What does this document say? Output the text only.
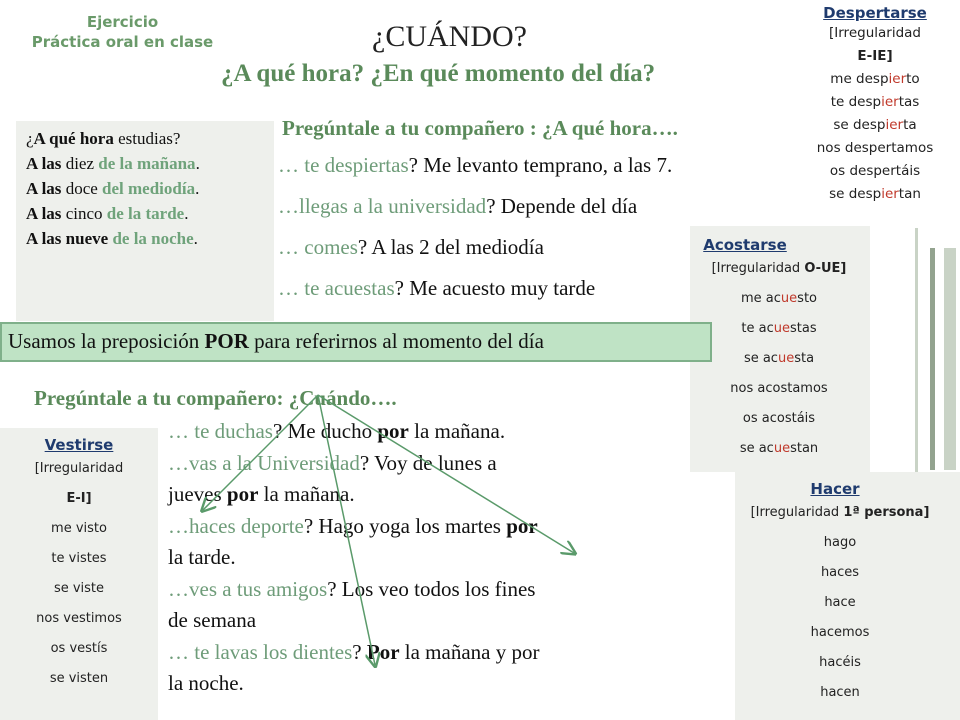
Ejercicio
Práctica oral en clase	¿CUÁNDO?
¿A qué hora? ¿En qué momento del día?
Despertarse
[Irregularidad
E-IE]
me despierto
te despiertas
se despierta
nos despertamos
os despertáis
se despiertan
¿A qué hora estudias?
A las diez de la mañana.
A las doce del mediodía.
A las cinco de la tarde.
A las nueve de la noche.
Pregúntale a tu compañero : ¿A qué hora….
… te despiertas? Me levanto temprano, a las 7.
…llegas a la universidad? Depende del día
… comes? A las 2 del mediodía
… te acuestas? Me acuesto muy tarde
Acostarse
[Irregularidad O-UE]
me acuesto
te acuestas
se acuesta
nos acostamos
os acostáis
se acuestan
Usamos la preposición POR para referirnos al momento del día
Pregúntale a tu compañero: ¿Cuándo….
… te duchas? Me ducho por la mañana.
…vas a la Universidad? Voy de lunes a
jueves por la mañana.
…haces deporte? Hago yoga los martes por
la tarde.
…ves a tus amigos? Los veo todos los fines
de semana
… te lavas los dientes? Por la mañana y por
la noche.
Vestirse
[Irregularidad
E-I]
me visto
te vistes
se viste
nos vestimos
os vestís
se visten
Hacer
[Irregularidad 1ª persona]
hago
haces
hace
hacemos
hacéis
hacen
